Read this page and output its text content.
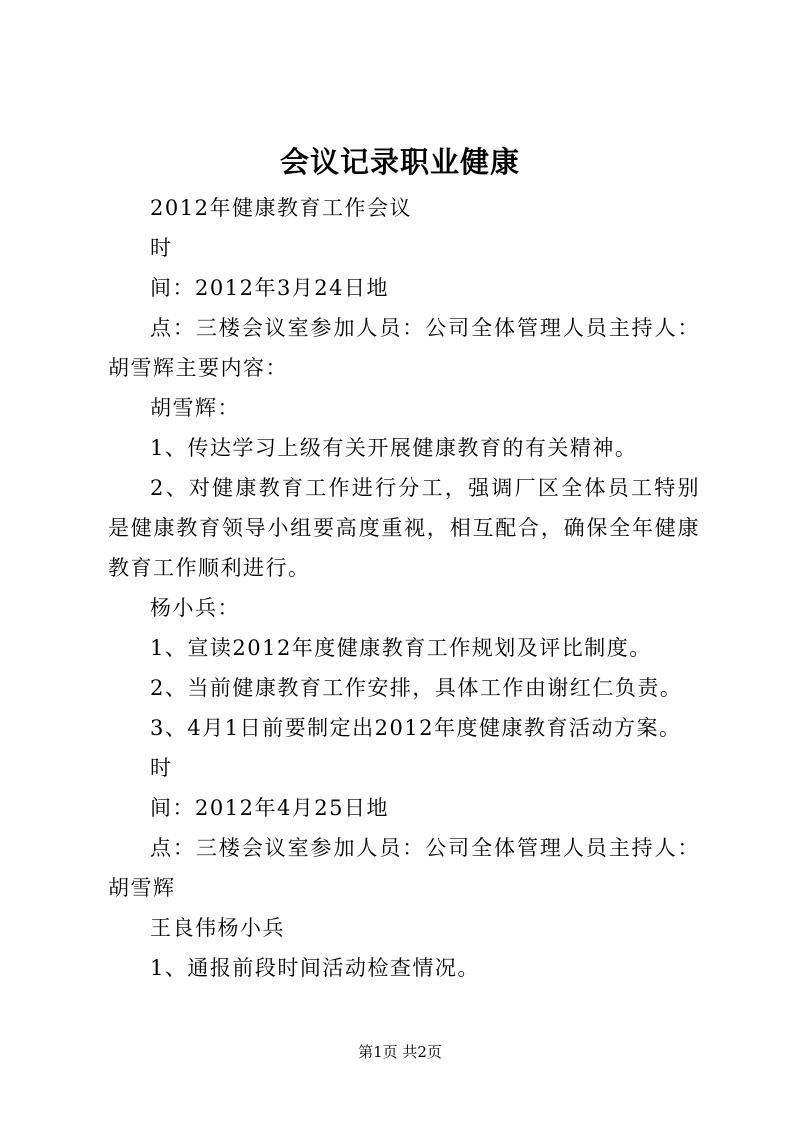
会议记录职业健康

2012年健康教育工作会议

时

间：2012年3月24日地

点：三楼会议室参加人员：公司全体管理人员主持人：胡雪辉主要内容：

胡雪辉：

1、传达学习上级有关开展健康教育的有关精神。

2、对健康教育工作进行分工，强调厂区全体员工特别是健康教育领导小组要高度重视，相互配合，确保全年健康教育工作顺利进行。

杨小兵：

1、宣读2012年度健康教育工作规划及评比制度。

2、当前健康教育工作安排，具体工作由谢红仁负责。

3、4月1日前要制定出2012年度健康教育活动方案。

时

间：2012年4月25日地

点：三楼会议室参加人员：公司全体管理人员主持人：胡雪辉

王良伟杨小兵

1、通报前段时间活动检查情况。

第1页 共2页
